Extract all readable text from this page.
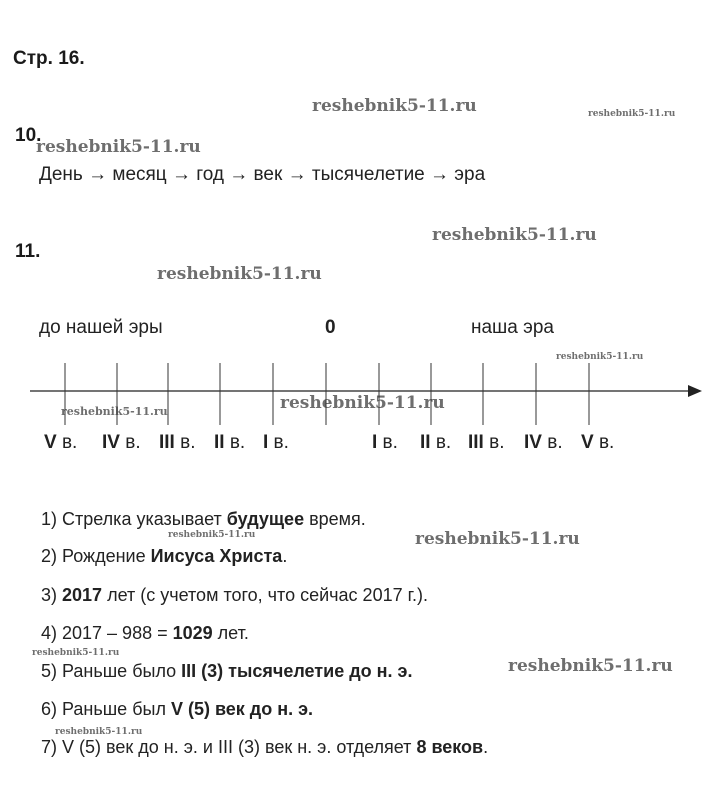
Стр. 16.
reshebnik5-11.ru	reshebnik5-11.ru
reshebnik5-11.ru
reshebnik5-11.ru
reshebnik5-11.ru
reshebnik5-11.ru
reshebnik5-11.ru
reshebnik5-11.ru
reshebnik5-11.ru	reshebnik5-11.ru
reshebnik5-11.ru
reshebnik5-11.ru
reshebnik5-11.ru
10.
День → месяц → год → век → тысячелетие → эра
11.
до нашей эры	0	наша эра
V в. IV в. III в. II в. I в.	I в. II в. III в. IV в. V в.
1) Стрелка указывает будущее время.
2) Рождение Иисуса Христа.
3) 2017 лет (с учетом того, что сейчас 2017 г.).
4) 2017 – 988 = 1029 лет.
5) Раньше было III (3) тысячелетие до н. э.
6) Раньше был V (5) век до н. э.
7) V (5) век до н. э. и III (3) век н. э. отделяет 8 веков.
